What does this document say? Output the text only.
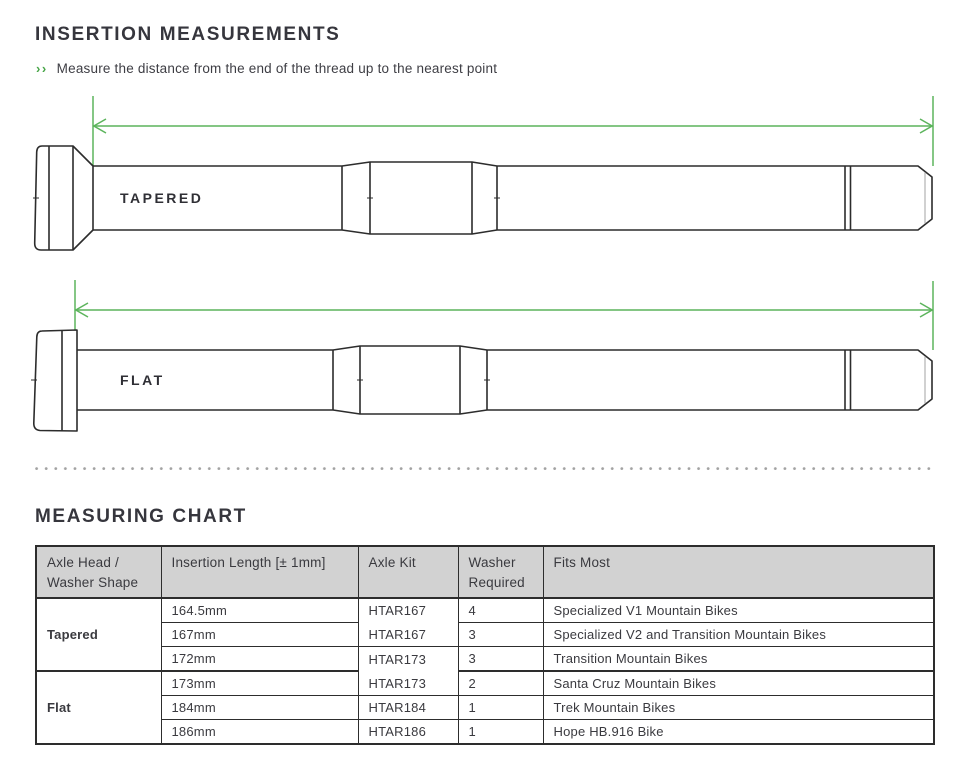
INSERTION MEASUREMENTS
›› Measure the distance from the end of the thread up to the nearest point
TAPERED
FLAT
MEASURING CHART
Axle Head / Washer Shape	Insertion Length [± 1mm]	Axle Kit	Washer Required	Fits Most
Tapered	164.5mm	HTAR167	4	Specialized V1 Mountain Bikes
	167mm	HTAR167	3	Specialized V2 and Transition Mountain Bikes
	172mm	HTAR173	3	Transition Mountain Bikes
Flat	173mm	HTAR173	2	Santa Cruz Mountain Bikes
	184mm	HTAR184	1	Trek Mountain Bikes
	186mm	HTAR186	1	Hope HB.916 Bike
